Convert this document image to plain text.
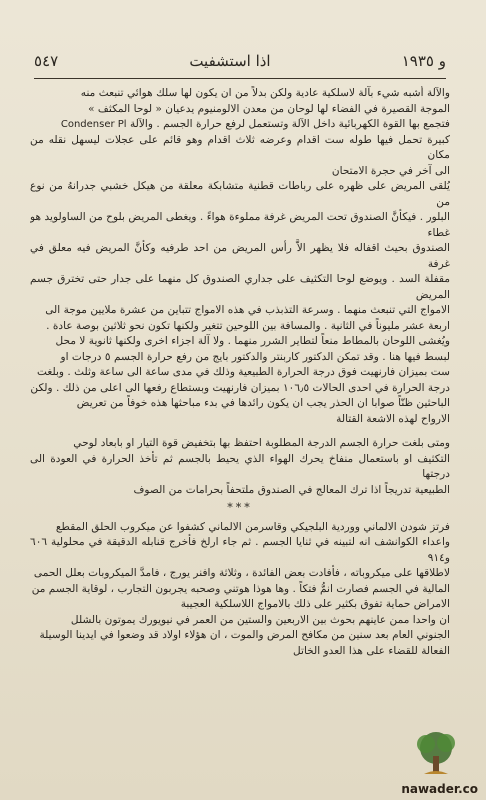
و ١٩٣٥
اذا استشفيت
٥٤٧

والآلة أشبه شيء بآلة لاسلكية عادية ولكن بدلاً من ان يكون لها سلك هوائي تنبعث منه

الموجة القصيرة في الفضاء لها لوحان من معدن الالومنيوم يدعيان « لوحا المكثف »

فتجمع بها القوة الكهربائية داخل الآلة وتستعمل لرفع حرارة الجسم . والآلة Condenser Pl

كبيرة تحمل فيها طوله ست اقدام وعرضه ثلاث اقدام وهو قائم على عجلات ليسهل نقله من مكان

الى آخر في حجرة الامتحان

يُلقى المريض على ظهره على رباطات قطنية متشابكة معلقة من هيكل خشبي جدرانهُ من نوع من

البلور . فيكأنَّ الصندوق تحت المريض غرفة مملوءة هواءً . ويغطى المريض بلوح من الساولويد هو غطاء

الصندوق بحيث اقفاله فلا يظهر الاَّ رأس المريض من احد طرفيه وكأنَّ المريض فيه معلق في غرفة

مقفلة السد . ويوضع لوحا التكثيف على جداري الصندوق كل منهما على جدار حتى تخترق جسم المريض

الامواج التي تنبعث منهما . وسرعة التذبذب في هذه الامواج تتباين من عشرة ملايين موجة الى

اربعة عشر مليوناً في الثانية . والمسافة بين اللوحين تتغير ولكنها تكون نحو ثلاثين بوصة عادة .

ويُغشى اللوحان بالمطاط منعاً لتطاير الشرر منهما . ولا آلة اجزاء اخرى ولكنها ثانوية لا محل

لبسط فيها هنا . وقد تمكن الدكتور كاربنتر والدكتور بايج من رفع حرارة الجسم ٥ درجات او

ست بميزان فارنهيت فوق درجة الحرارة الطبيعية وذلك في مدى ساعة الى ساعة وثلث . وبلغت

درجة الحرارة في احدى الحالات ١٠٦٫٥ بميزان فارنهيت وبستطاع رفعها الى اعلى من ذلك . ولكن

الباحثين ظنّاً صوابا ان الحذر يجب ان يكون رائدها في بدء مباحثها هذه خوفاً من تعريض

الارواح لهذه الاشعة القتالة

ومتى بلغت حرارة الجسم الدرجة المطلوبة احتفظ بها بتخفيض قوة التيار او بابعاد لوحي

التكثيف او باستعمال منفاخ يحرك الهواء الذي يحيط بالجسم ثم تأخذ الحرارة في العودة الى درجتها

الطبيعية تدريجاً اذا ترك المعالج في الصندوق ملتحفاً بحرامات من الصوف

***

فرتز شودن الالماني ووردية البلجيكي وقاسرمن الالماني كشفوا عن ميكروب الحلق المقطع

واعداء الكوانشف انه لتبينه في ثنايا الجسم . ثم جاء ارلخ فأخرج قنابله الدقيقة في محلولية ٦٠٦ و٩١٤

لاطلاقها على ميكروباته ، فأفادت بعض الفائدة ، وثلاثة وافنر يورج ، فامدَّ الميكروبات بعلل الحمى

المالية في الجسم فصارت انمُّ فتكاً . وها هوذا هوتني وصحبه يجربون التجارب ، لوقاية الجسم من

الامراض حماية تفوق بكثير على ذلك بالامواج اللاسلكية العجيبة

ان واحدا ممن عاينهم بحوث بين الاربعين والستين من العمر في نيويورك يموتون بالشلل

الجنوني العام بعد سنين من مكافح المرض والموت ، ان هؤلاء اولاد قد وضعوا في ايدينا الوسيلة

الفعالة للقضاء على هذا العدو الخاتل

nawader.co
